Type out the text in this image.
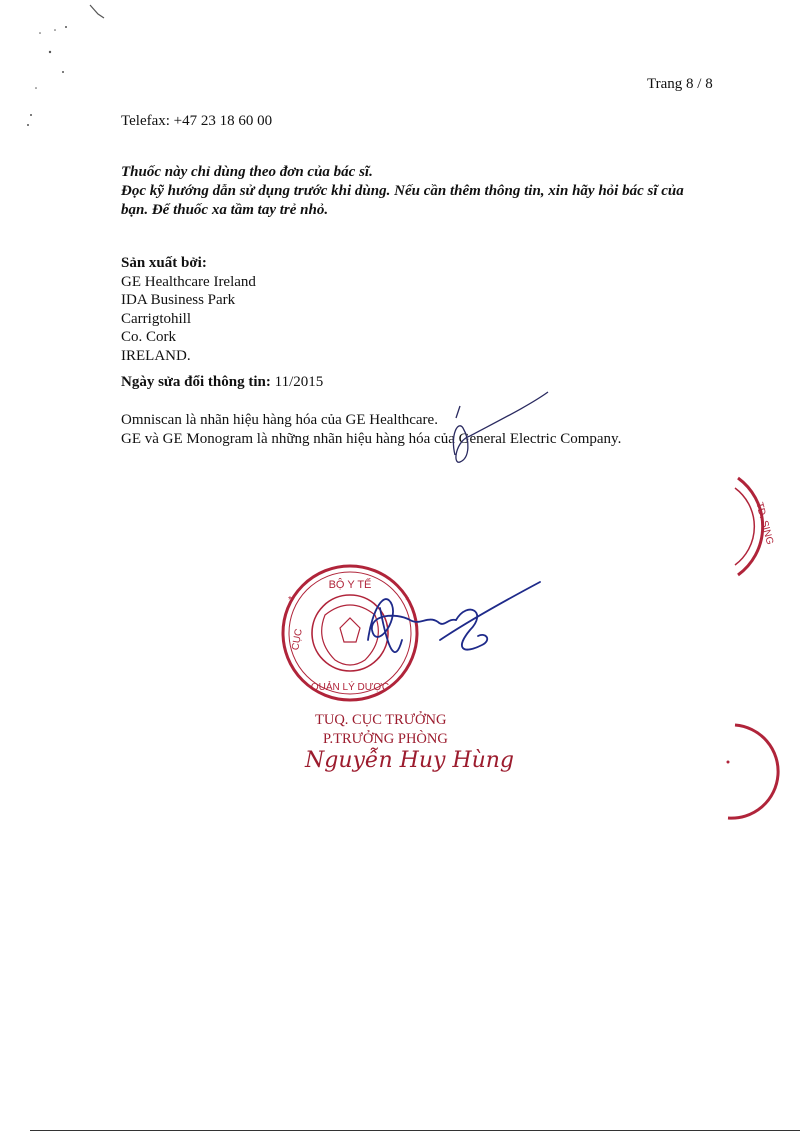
Trang 8 / 8
Telefax: +47 23 18 60 00
Thuốc này chỉ dùng theo đơn của bác sĩ.
Đọc kỹ hướng dẫn sử dụng trước khi dùng. Nếu cần thêm thông tin, xin hãy hỏi bác sĩ của
bạn. Để thuốc xa tầm tay trẻ nhỏ.
Sản xuất bởi:
GE Healthcare Ireland
IDA Business Park
Carrigtohill
Co. Cork
IRELAND.
Ngày sửa đổi thông tin: 11/2015
Omniscan là nhãn hiệu hàng hóa của GE Healthcare.
GE và GE Monogram là những nhãn hiệu hàng hóa của General Electric Company.
TD. SING
BỘ Y TẾ
CỤC
QUẢN LÝ DƯỢC
*	*
TUQ. CỤC TRƯỞNG
P.TRƯỞNG PHÒNG
Nguyễn Huy Hùng
